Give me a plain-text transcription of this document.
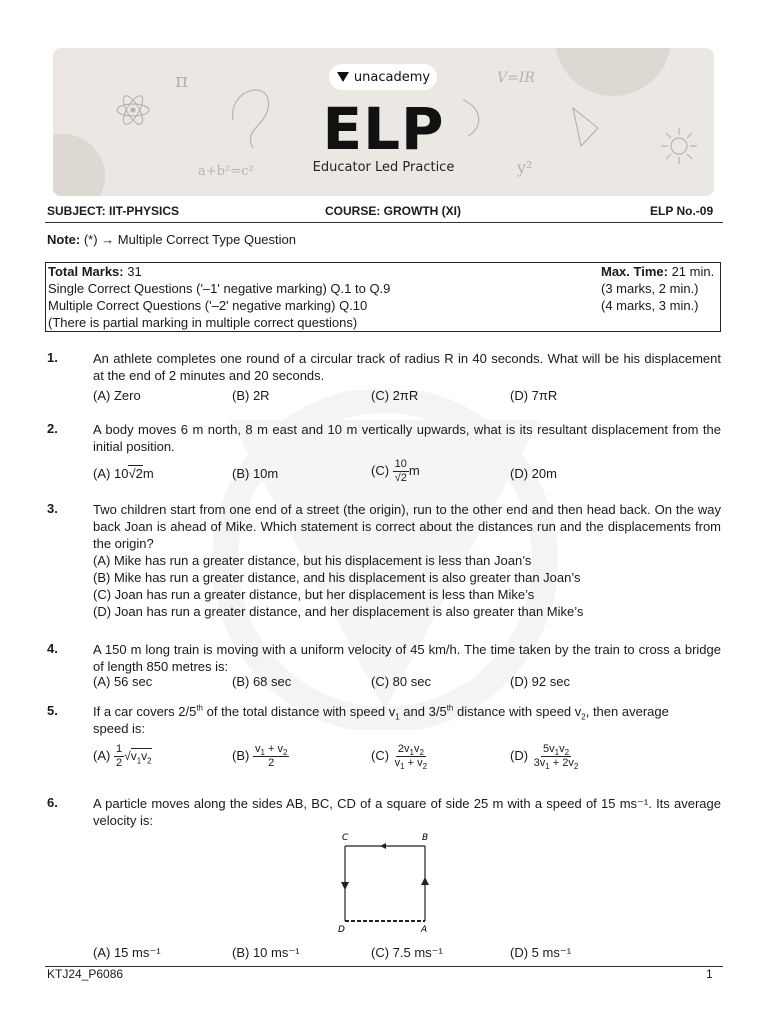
π	V=IR
a+b²=c²	y²
unacademy
ELP
Educator Led Practice
SUBJECT: IIT-PHYSICS	COURSE: GROWTH (XI)	ELP No.-09
Note: (*) → Multiple Correct Type Question
Total Marks: 31	Max. Time: 21 min.
Single Correct Questions ('–1' negative marking) Q.1 to Q.9	(3 marks, 2 min.)
Multiple Correct Questions ('–2' negative marking) Q.10	(4 marks, 3 min.)
(There is partial marking in multiple correct questions)
1.	An athlete completes one round of a circular track of radius R in 40 seconds. What will be his displacement at the end of 2 minutes and 20 seconds.
(A) Zero	(B) 2R	(C) 2πR	(D) 7πR
2.	A body moves 6 m north, 8 m east and 10 m vertically upwards, what is its resultant displacement from the initial position.
(A) 10√2m	(B) 10m	$(C) \frac{10}{√2}$ m	(D) 20m
3.	Two children start from one end of a street (the origin), run to the other end and then head back. On the way back Joan is ahead of Mike. Which statement is correct about the distances run and the displacements from the origin?
(A) Mike has run a greater distance, but his displacement is less than Joan’s
(B) Mike has run a greater distance, and his displacement is also greater than Joan’s
(C) Joan has run a greater distance, but her displacement is less than Mike’s
(D) Joan has run a greater distance, and her displacement is also greater than Mike’s
4.	A 150 m long train is moving with a uniform velocity of 45 km/h. The time taken by the train to cross a bridge of length 850 metres is:
(A) 56 sec	(B) 68 sec	(C) 80 sec	(D) 92 sec
5.	If a car covers 2/5th of the total distance with speed $v_1$ and 3/5th distance with speed $v_2$, then average
speed is:
$(A) \frac{1}{2} √v_1v_2$	$(B) \frac{v_1 + v_2}{2}$	$(C) \frac{2v_1v_2}{v_1 + v_2}$	$(D) \frac{5v_1v_2}{3v_1 + 2v_2}$
6.	A particle moves along the sides AB, BC, CD of a square of side 25 m with a speed of 15 ms⁻¹. Its average velocity is:
C	B
D	A
(A) 15 ms⁻¹	(B) 10 ms⁻¹	(C) 7.5 ms⁻¹	(D) 5 ms⁻¹
KTJ24_P6086	1
